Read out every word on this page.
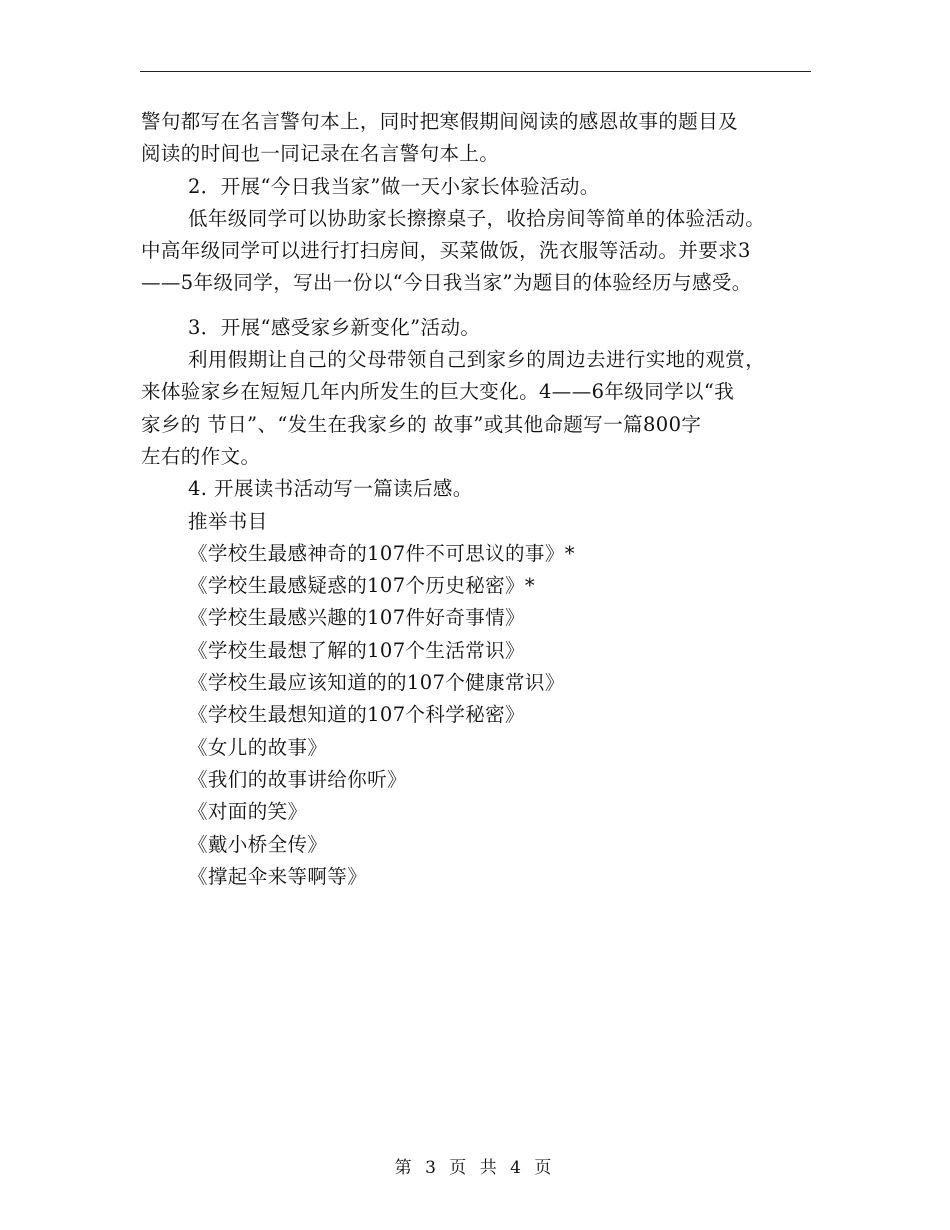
警句都写在名言警句本上，同时把寒假期间阅读的感恩故事的题目及
阅读的时间也一同记录在名言警句本上。
2．开展“今日我当家”做一天小家长体验活动。
低年级同学可以协助家长擦擦桌子，收拾房间等简单的体验活动。
中高年级同学可以进行打扫房间，买菜做饭，洗衣服等活动。并要求3
——5年级同学，写出一份以“今日我当家”为题目的体验经历与感受。
3．开展“感受家乡新变化”活动。
利用假期让自己的父母带领自己到家乡的周边去进行实地的观赏，
来体验家乡在短短几年内所发生的巨大变化。4——6年级同学以“我
家乡的 节日”、“发生在我家乡的 故事”或其他命题写一篇800字
左右的作文。
4. 开展读书活动写一篇读后感。
推举书目
《学校生最感神奇的107件不可思议的事》*
《学校生最感疑惑的107个历史秘密》*
《学校生最感兴趣的107件好奇事情》
《学校生最想了解的107个生活常识》
《学校生最应该知道的的107个健康常识》
《学校生最想知道的107个科学秘密》
《女儿的故事》
《我们的故事讲给你听》
《对面的笑》
《戴小桥全传》
《撑起伞来等啊等》
第 3 页 共 4 页
